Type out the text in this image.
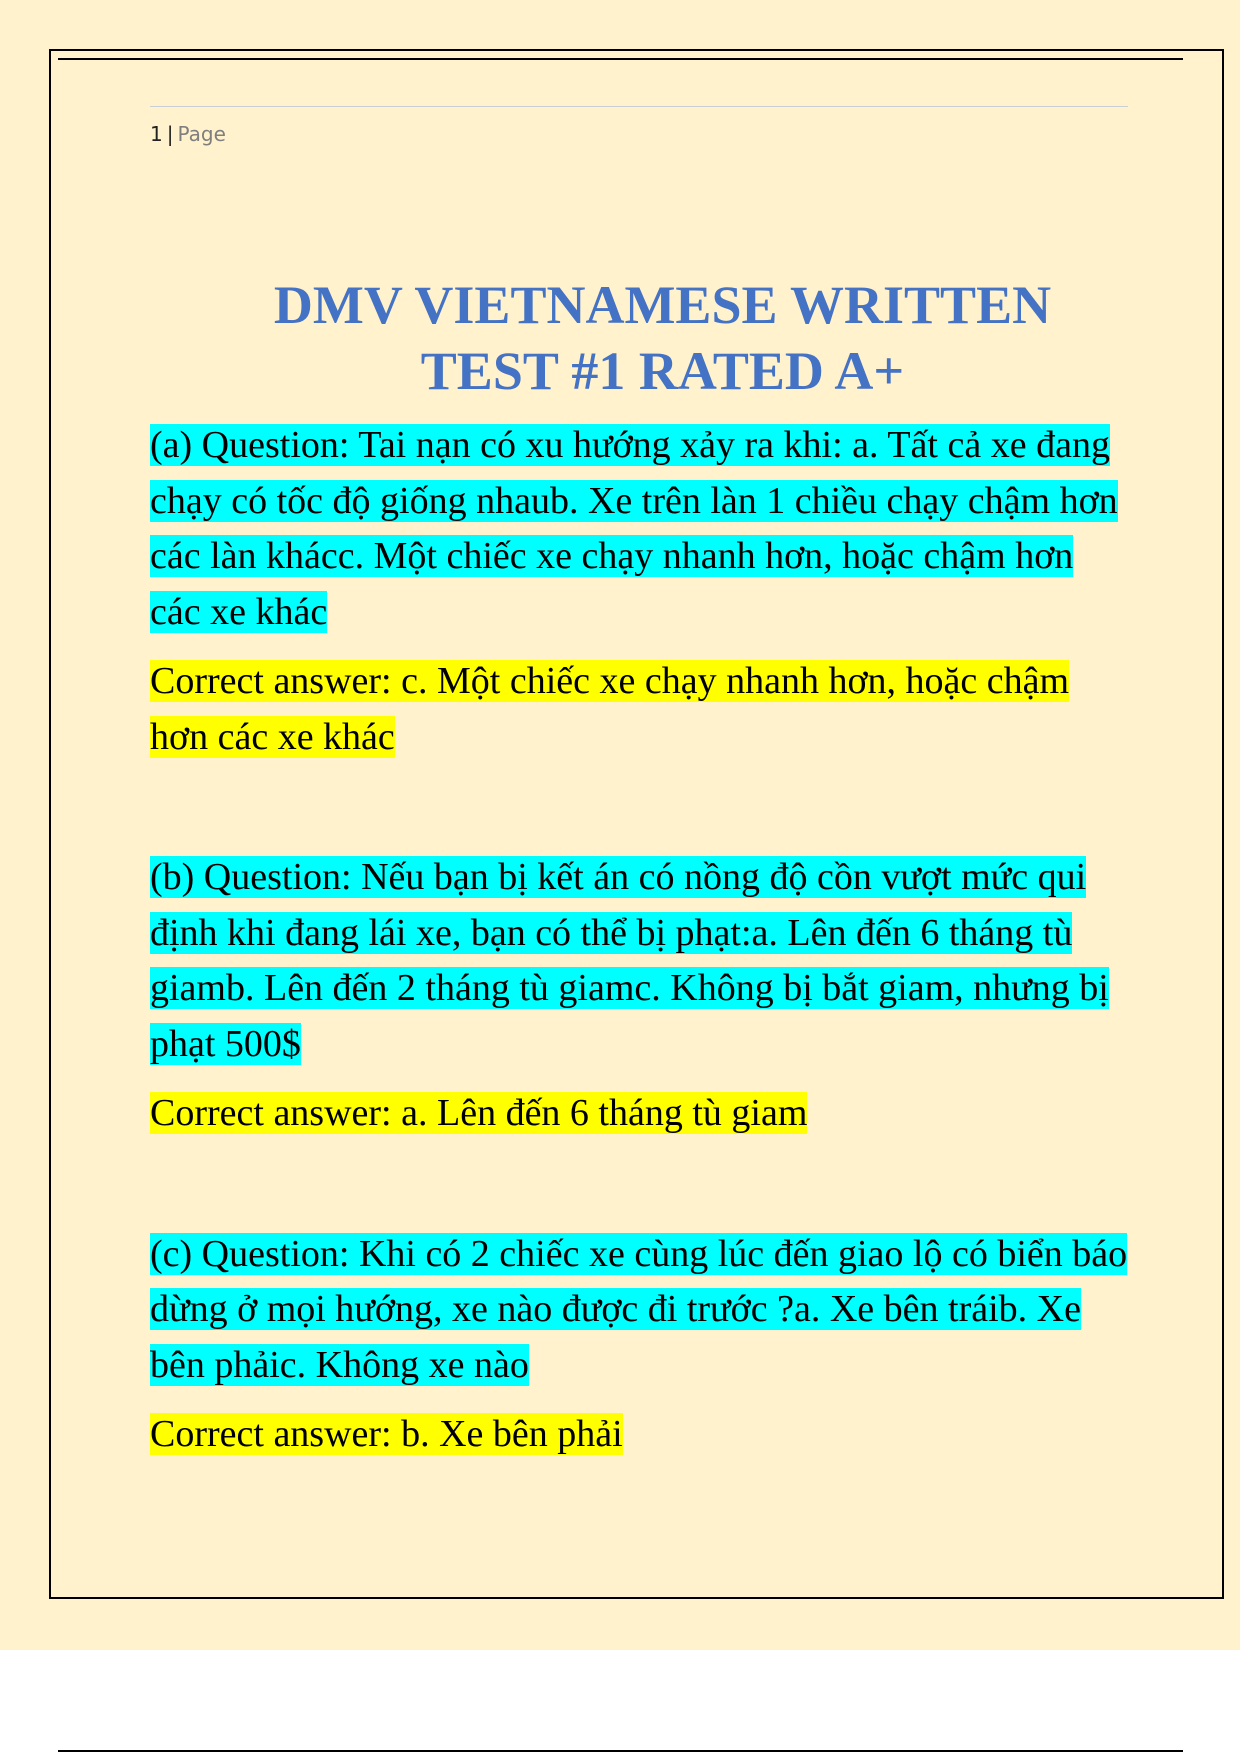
1 | Page
DMV VIETNAMESE WRITTEN
TEST #1 RATED A+

(a) Question: Tai nạn có xu hướng xảy ra khi: a. Tất cả xe đang chạy có tốc độ giống nhaub. Xe trên làn 1 chiều chạy chậm hơn các làn khácc. Một chiếc xe chạy nhanh hơn, hoặc chậm hơn các xe khác

Correct answer: c. Một chiếc xe chạy nhanh hơn, hoặc chậm hơn các xe khác

(b) Question: Nếu bạn bị kết án có nồng độ cồn vượt mức qui định khi đang lái xe, bạn có thể bị phạt:a. Lên đến 6 tháng tù giamb. Lên đến 2 tháng tù giamc. Không bị bắt giam, nhưng bị phạt 500$

Correct answer: a. Lên đến 6 tháng tù giam

(c) Question: Khi có 2 chiếc xe cùng lúc đến giao lộ có biển báo dừng ở mọi hướng, xe nào được đi trước ?a. Xe bên tráib. Xe bên phảic. Không xe nào

Correct answer: b. Xe bên phải
